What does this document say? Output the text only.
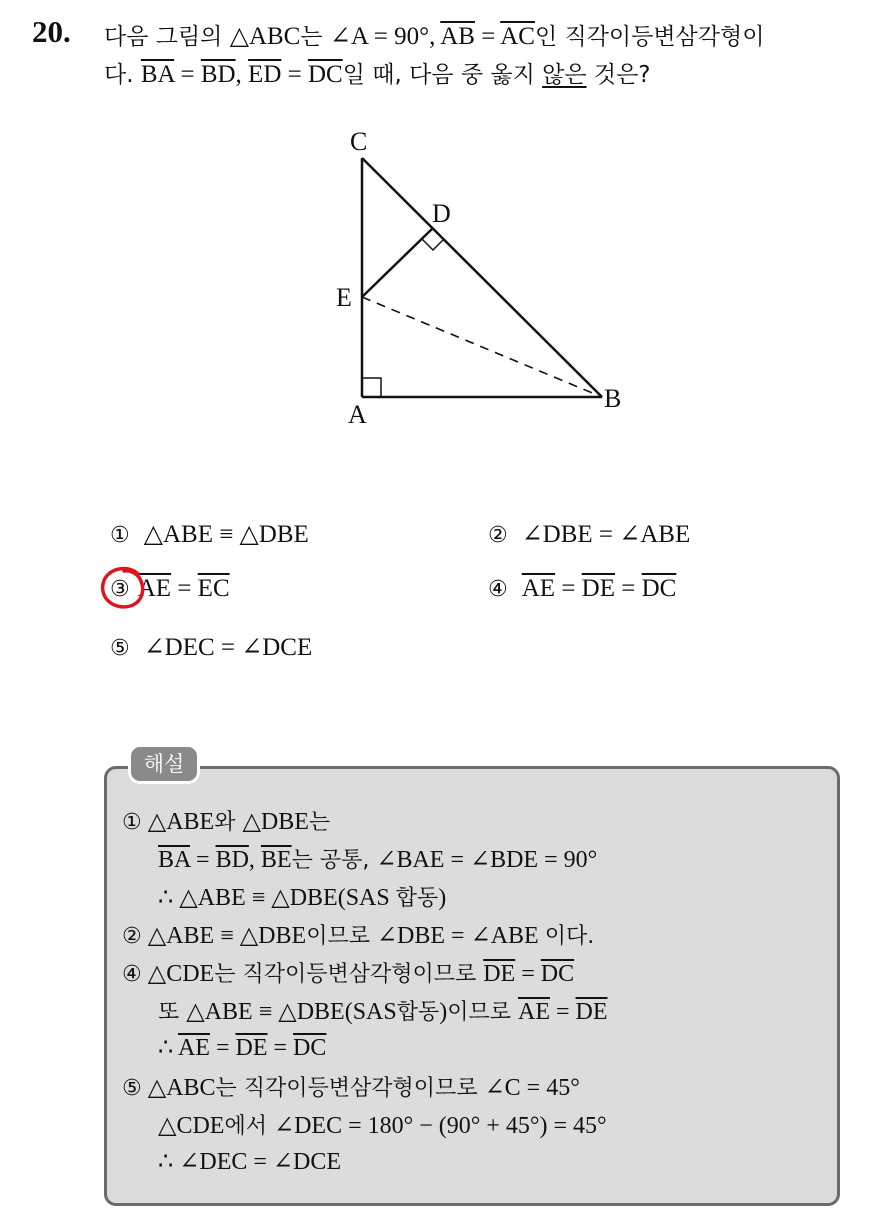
20. 다음 그림의 △ABC는 ∠A = 90°, $\overline{AB} = \overline{AC}$인 직각이등변삼각형이
다. $\overline{BA} = \overline{BD}$, $\overline{ED} = \overline{DC}$일 때, 다음 중 옳지 않은 것은?
C
D
E
A
B
① △ABE ≡ △DBE	② ∠DBE = ∠ABE
③ $\overline{AE} = \overline{EC}$	④ $\overline{AE} = \overline{DE} = \overline{DC}$
⑤ ∠DEC = ∠DCE
해설
① △ABE와 △DBE는
$\overline{BA} = \overline{BD}$, $\overline{BE}$는 공통, ∠BAE = ∠BDE = 90°
∴ △ABE ≡ △DBE(SAS 합동)
② △ABE ≡ △DBE이므로 ∠DBE = ∠ABE 이다.
④ △CDE는 직각이등변삼각형이므로 $\overline{DE} = \overline{DC}$
또 △ABE ≡ △DBE(SAS합동)이므로 $\overline{AE} = \overline{DE}$
∴ $\overline{AE} = \overline{DE} = \overline{DC}$
⑤ △ABC는 직각이등변삼각형이므로 ∠C = 45°
△CDE에서 ∠DEC = 180° − (90° + 45°) = 45°
∴ ∠DEC = ∠DCE
